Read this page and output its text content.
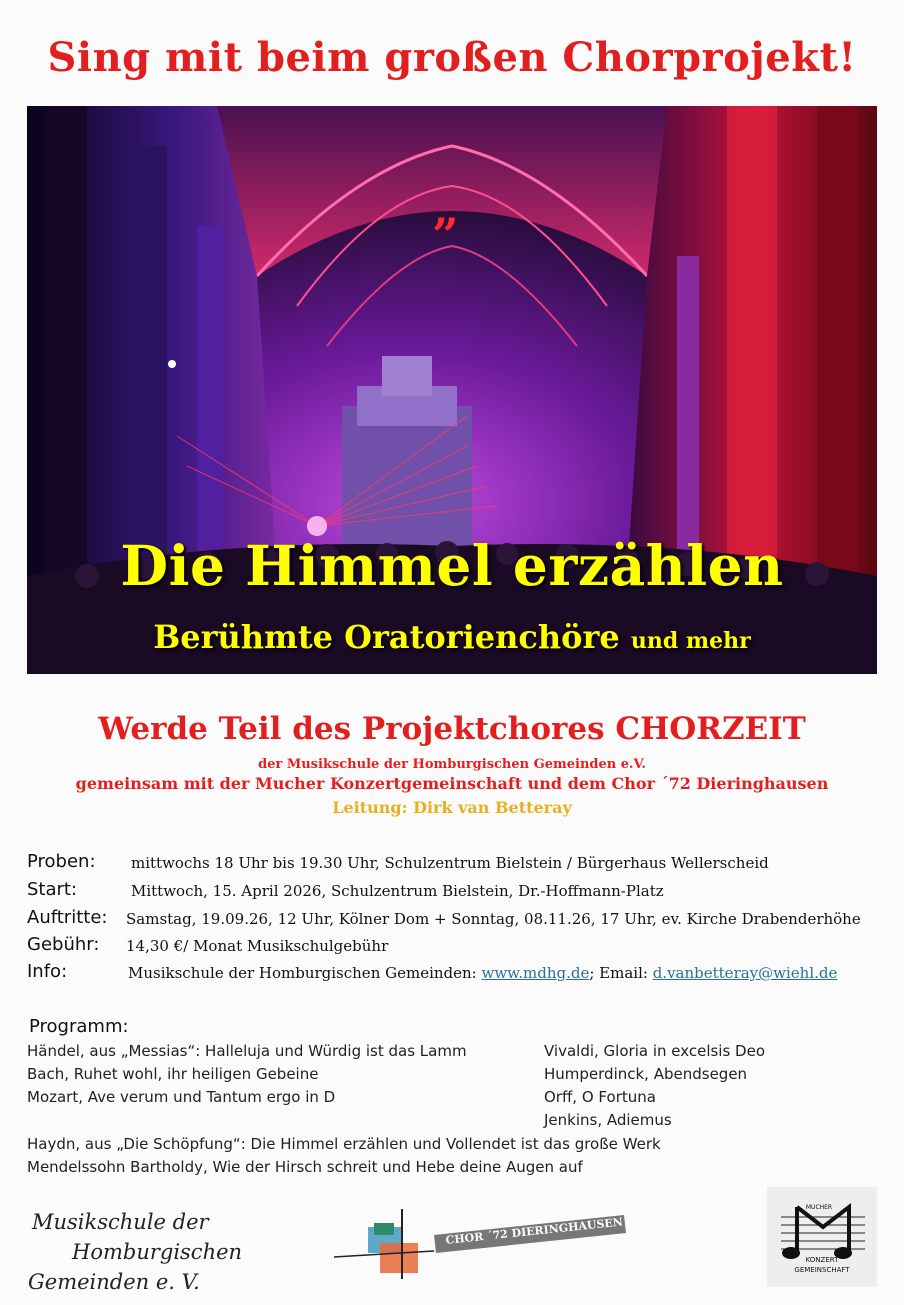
Sing mit beim großen Chorprojekt!
”
Die Himmel erzählen
Berühmte Oratorienchöre und mehr
Werde Teil des Projektchores CHORZEIT
der Musikschule der Homburgischen Gemeinden e.V.
gemeinsam mit der Mucher Konzertgemeinschaft und dem Chor ´72 Dieringhausen
Leitung: Dirk van Betteray
Proben: mittwochs 18 Uhr bis 19.30 Uhr, Schulzentrum Bielstein / Bürgerhaus Wellerscheid
Start:	Mittwoch, 15. April 2026, Schulzentrum Bielstein, Dr.-Hoffmann-Platz
Auftritte: Samstag, 19.09.26, 12 Uhr, Kölner Dom + Sonntag, 08.11.26, 17 Uhr, ev. Kirche Drabenderhöhe
Gebühr: 14,30 €/ Monat Musikschulgebühr
Info:	Musikschule der Homburgischen Gemeinden: www.mdhg.de; Email: d.vanbetteray@wiehl.de
Programm:
Händel, aus „Messias“: Halleluja und Würdig ist das Lamm
Bach, Ruhet wohl, ihr heiligen Gebeine
Mozart, Ave verum und Tantum ergo in D
Vivaldi, Gloria in excelsis Deo
Humperdinck, Abendsegen
Orff, O Fortuna
Jenkins, Adiemus
Haydn, aus „Die Schöpfung“: Die Himmel erzählen und Vollendet ist das große Werk
Mendelssohn Bartholdy, Wie der Hirsch schreit und Hebe deine Augen auf
Musikschule der
Homburgischen
Gemeinden e. V.
CHOR ´72 DIERINGHAUSEN
MUCHER
KONZERT
GEMEINSCHAFT
